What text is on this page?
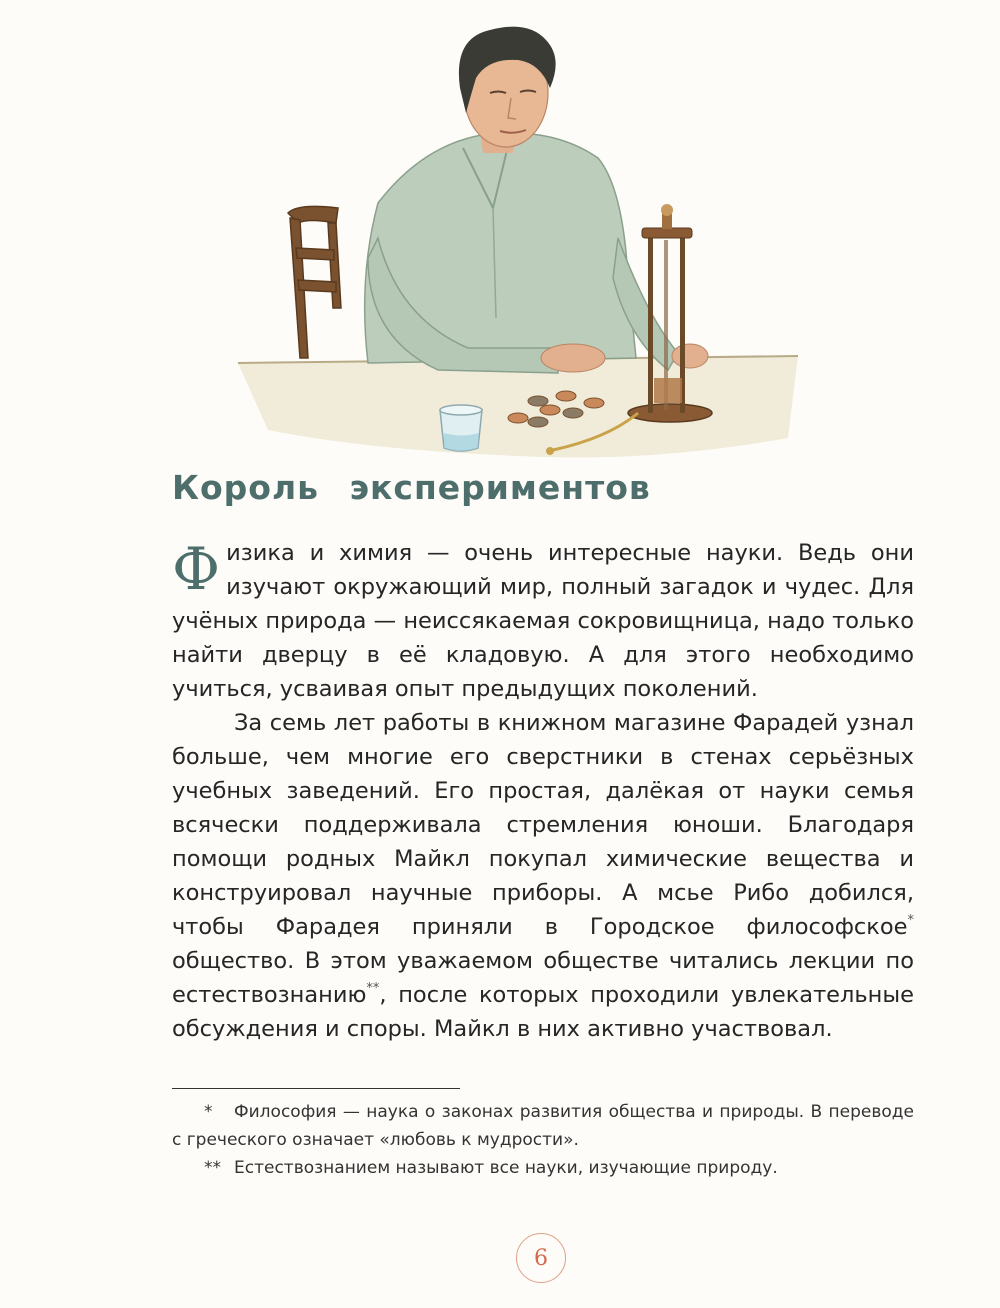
Король экспериментов

Физика и химия — очень интересные науки. Ведь они изучают окружающий мир, полный загадок и чудес. Для учёных природа — неиссякаемая сокровищница, надо только найти дверцу в её кладовую. А для этого необходимо учиться, усваивая опыт предыдущих поколений.

За семь лет работы в книжном магазине Фарадей узнал больше, чем многие его сверстники в стенах серьёзных учебных заведений. Его простая, далёкая от науки семья всячески поддерживала стремления юноши. Благодаря помощи родных Майкл покупал химические вещества и конструировал научные приборы. А мсье Рибо добился, чтобы Фарадея приняли в Городское философское* общество. В этом уважаемом обществе читались лекции по естествознанию**, после которых проходили увлекательные обсуждения и споры. Майкл в них активно участвовал.

* Философия — наука о законах развития общества и природы. В переводе с греческого означает «любовь к мудрости».

** Естествознанием называют все науки, изучающие природу.

6
